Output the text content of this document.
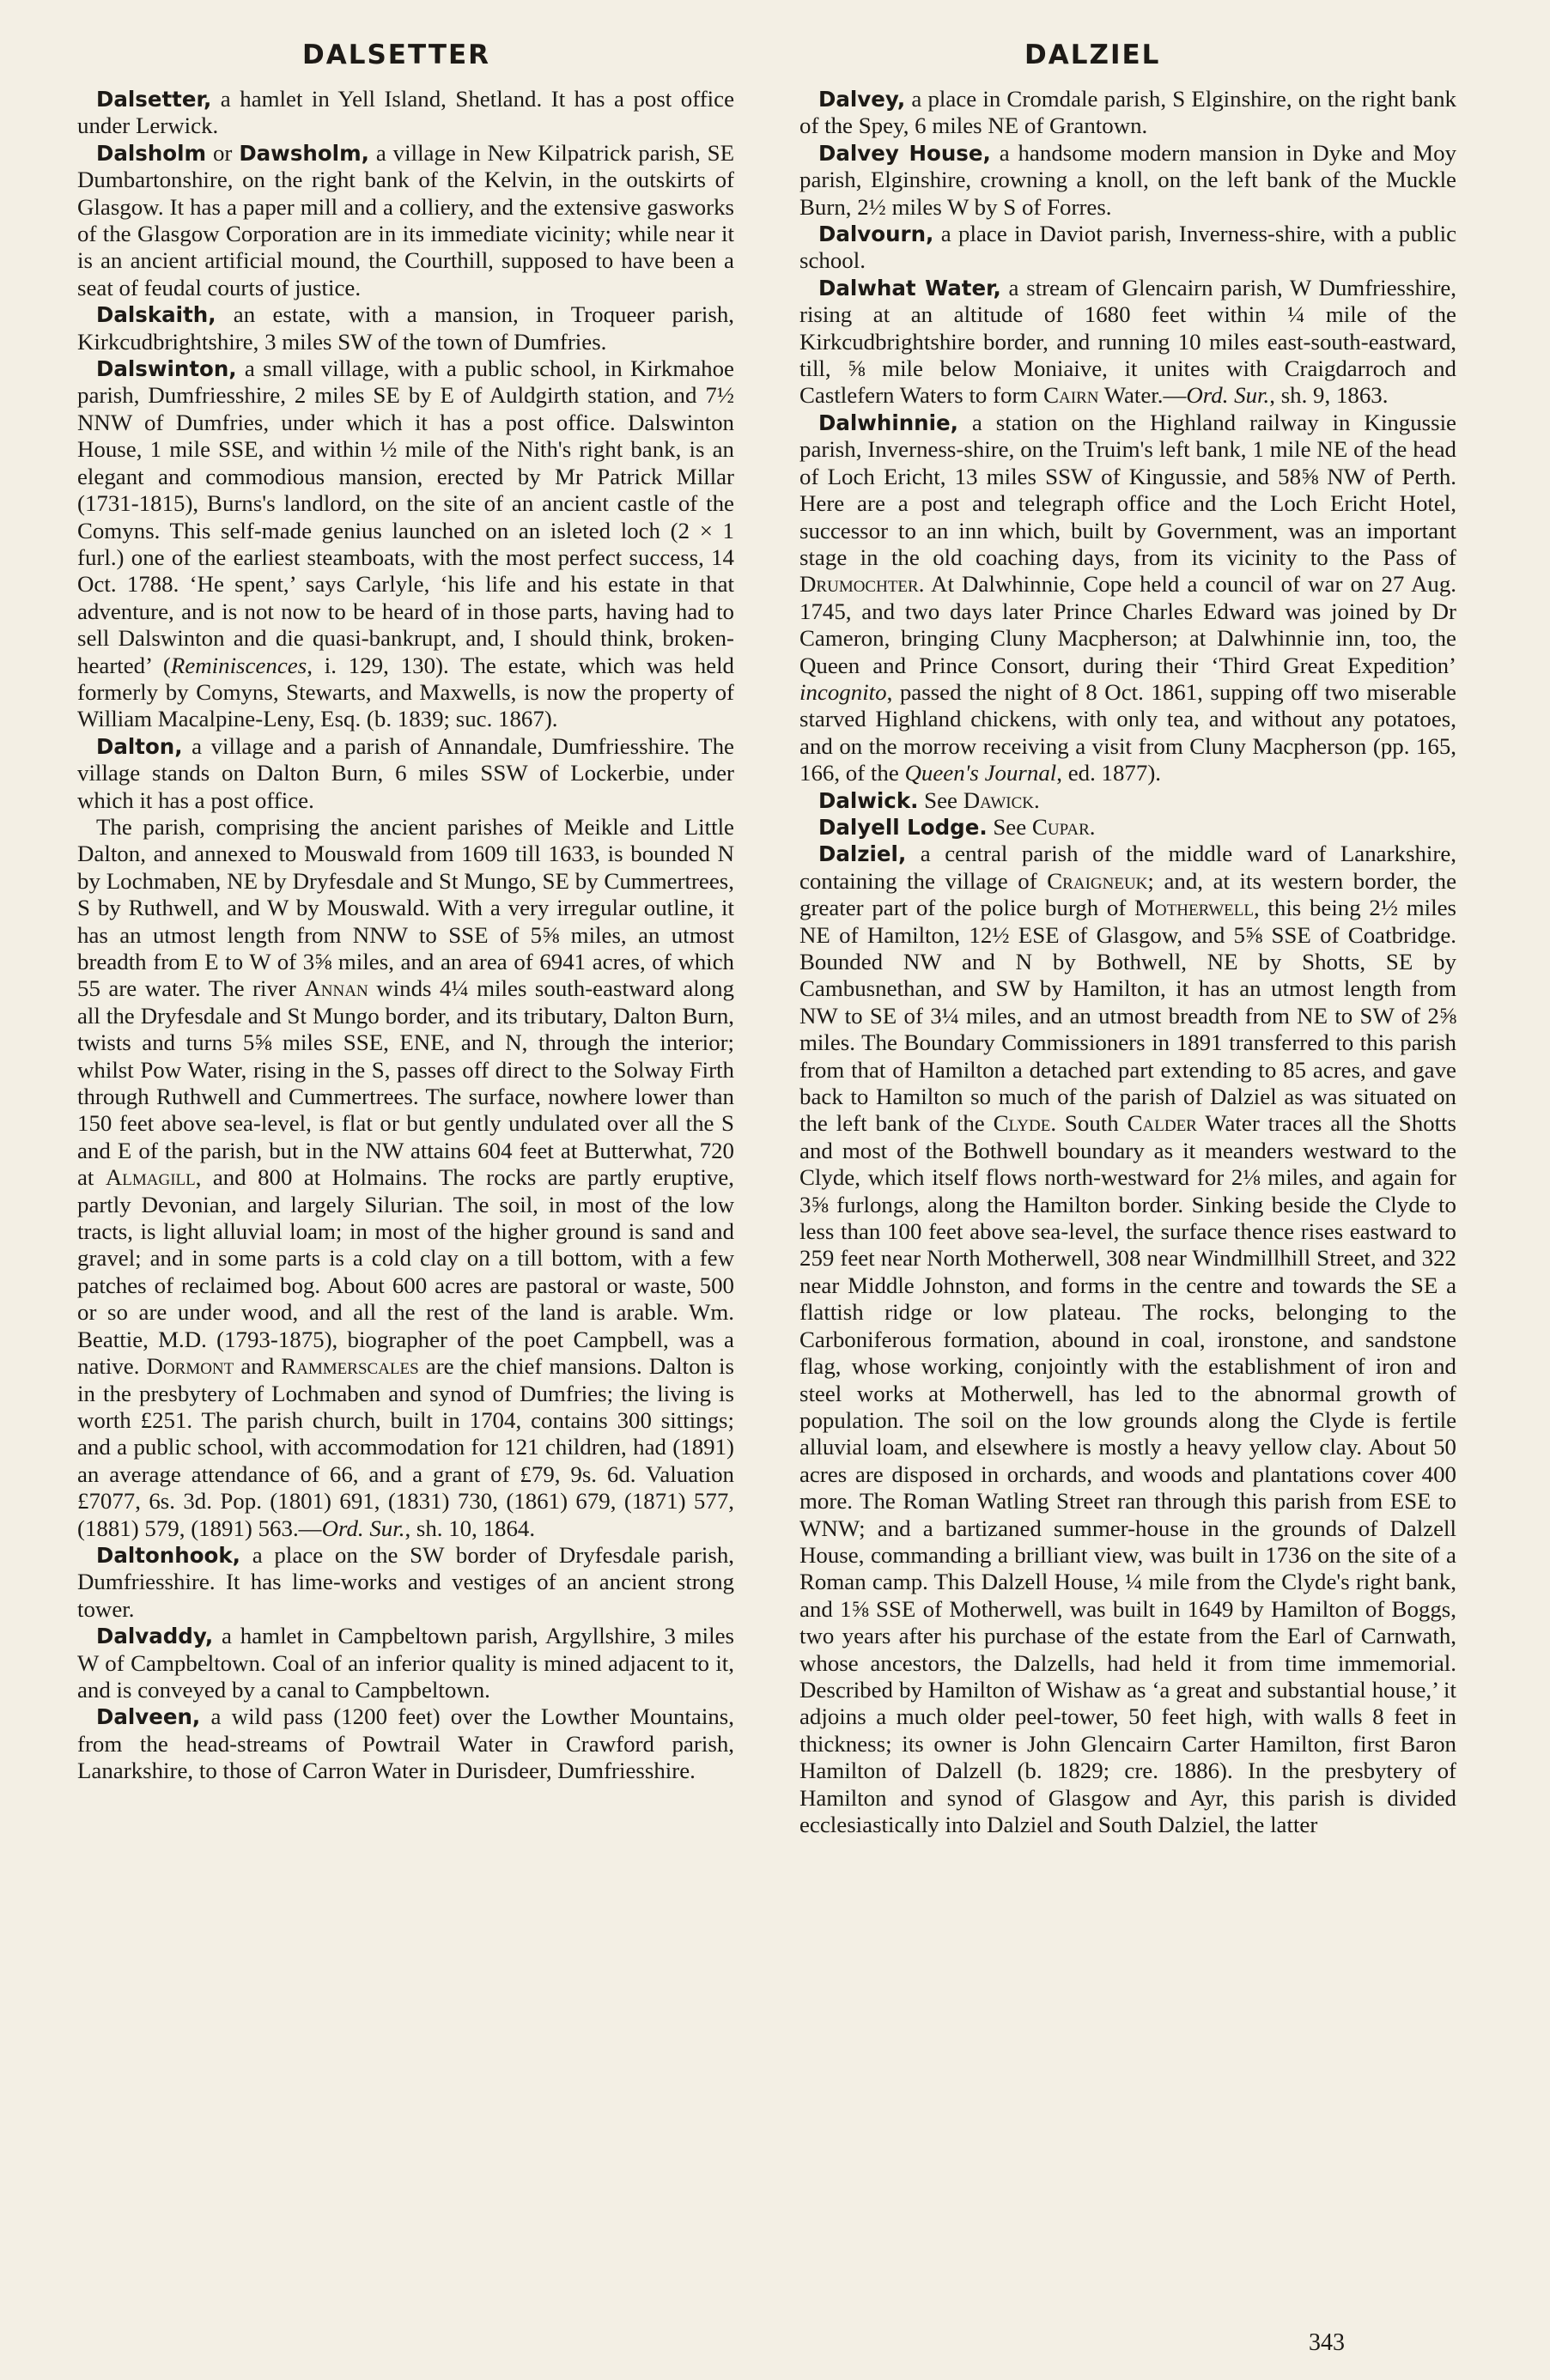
DALSETTER	DALZIEL

Dalsetter, a hamlet in Yell Island, Shetland. It has a post office under Lerwick.

Dalsholm or Dawsholm, a village in New Kilpatrick parish, SE Dumbartonshire, on the right bank of the Kelvin, in the outskirts of Glasgow. It has a paper mill and a colliery, and the extensive gasworks of the Glasgow Corporation are in its immediate vicinity; while near it is an ancient artificial mound, the Courthill, supposed to have been a seat of feudal courts of justice.

Dalskaith, an estate, with a mansion, in Troqueer parish, Kirkcudbrightshire, 3 miles SW of the town of Dumfries.

Dalswinton, a small village, with a public school, in Kirkmahoe parish, Dumfriesshire, 2 miles SE by E of Auldgirth station, and 7½ NNW of Dumfries, under which it has a post office. Dalswinton House, 1 mile SSE, and within ½ mile of the Nith's right bank, is an elegant and commodious mansion, erected by Mr Patrick Millar (1731-1815), Burns's landlord, on the site of an ancient castle of the Comyns. This self-made genius launched on an isleted loch (2 × 1 furl.) one of the earliest steamboats, with the most perfect success, 14 Oct. 1788. ‘He spent,’ says Carlyle, ‘his life and his estate in that adventure, and is not now to be heard of in those parts, having had to sell Dalswinton and die quasi-bankrupt, and, I should think, broken-hearted’ (Reminiscences, i. 129, 130). The estate, which was held formerly by Comyns, Stewarts, and Maxwells, is now the property of William Macalpine-Leny, Esq. (b. 1839; suc. 1867).

Dalton, a village and a parish of Annandale, Dumfriesshire. The village stands on Dalton Burn, 6 miles SSW of Lockerbie, under which it has a post office.

The parish, comprising the ancient parishes of Meikle and Little Dalton, and annexed to Mouswald from 1609 till 1633, is bounded N by Lochmaben, NE by Dryfesdale and St Mungo, SE by Cummertrees, S by Ruthwell, and W by Mouswald. With a very irregular outline, it has an utmost length from NNW to SSE of 5⅝ miles, an utmost breadth from E to W of 3⅝ miles, and an area of 6941 acres, of which 55 are water. The river Annan winds 4¼ miles south-eastward along all the Dryfesdale and St Mungo border, and its tributary, Dalton Burn, twists and turns 5⅝ miles SSE, ENE, and N, through the interior; whilst Pow Water, rising in the S, passes off direct to the Solway Firth through Ruthwell and Cummertrees. The surface, nowhere lower than 150 feet above sea-level, is flat or but gently undulated over all the S and E of the parish, but in the NW attains 604 feet at Butterwhat, 720 at Almagill, and 800 at Holmains. The rocks are partly eruptive, partly Devonian, and largely Silurian. The soil, in most of the low tracts, is light alluvial loam; in most of the higher ground is sand and gravel; and in some parts is a cold clay on a till bottom, with a few patches of reclaimed bog. About 600 acres are pastoral or waste, 500 or so are under wood, and all the rest of the land is arable. Wm. Beattie, M.D. (1793-1875), biographer of the poet Campbell, was a native. Dormont and Rammerscales are the chief mansions. Dalton is in the presbytery of Lochmaben and synod of Dumfries; the living is worth £251. The parish church, built in 1704, contains 300 sittings; and a public school, with accommodation for 121 children, had (1891) an average attendance of 66, and a grant of £79, 9s. 6d. Valuation £7077, 6s. 3d. Pop. (1801) 691, (1831) 730, (1861) 679, (1871) 577, (1881) 579, (1891) 563.—Ord. Sur., sh. 10, 1864.

Daltonhook, a place on the SW border of Dryfesdale parish, Dumfriesshire. It has lime-works and vestiges of an ancient strong tower.

Dalvaddy, a hamlet in Campbeltown parish, Argyllshire, 3 miles W of Campbeltown. Coal of an inferior quality is mined adjacent to it, and is conveyed by a canal to Campbeltown.

Dalveen, a wild pass (1200 feet) over the Lowther Mountains, from the head-streams of Powtrail Water in Crawford parish, Lanarkshire, to those of Carron Water in Durisdeer, Dumfriesshire.

Dalvey, a place in Cromdale parish, S Elginshire, on the right bank of the Spey, 6 miles NE of Grantown.

Dalvey House, a handsome modern mansion in Dyke and Moy parish, Elginshire, crowning a knoll, on the left bank of the Muckle Burn, 2½ miles W by S of Forres.

Dalvourn, a place in Daviot parish, Inverness-shire, with a public school.

Dalwhat Water, a stream of Glencairn parish, W Dumfriesshire, rising at an altitude of 1680 feet within ¼ mile of the Kirkcudbrightshire border, and running 10 miles east-south-eastward, till, ⅝ mile below Moniaive, it unites with Craigdarroch and Castlefern Waters to form Cairn Water.—Ord. Sur., sh. 9, 1863.

Dalwhinnie, a station on the Highland railway in Kingussie parish, Inverness-shire, on the Truim's left bank, 1 mile NE of the head of Loch Ericht, 13 miles SSW of Kingussie, and 58⅝ NW of Perth. Here are a post and telegraph office and the Loch Ericht Hotel, successor to an inn which, built by Government, was an important stage in the old coaching days, from its vicinity to the Pass of Drumochter. At Dalwhinnie, Cope held a council of war on 27 Aug. 1745, and two days later Prince Charles Edward was joined by Dr Cameron, bringing Cluny Macpherson; at Dalwhinnie inn, too, the Queen and Prince Consort, during their ‘Third Great Expedition’ incognito, passed the night of 8 Oct. 1861, supping off two miserable starved Highland chickens, with only tea, and without any potatoes, and on the morrow receiving a visit from Cluny Macpherson (pp. 165, 166, of the Queen's Journal, ed. 1877).

Dalwick. See Dawick.

Dalyell Lodge. See Cupar.

Dalziel, a central parish of the middle ward of Lanarkshire, containing the village of Craigneuk; and, at its western border, the greater part of the police burgh of Motherwell, this being 2½ miles NE of Hamilton, 12½ ESE of Glasgow, and 5⅝ SSE of Coatbridge. Bounded NW and N by Bothwell, NE by Shotts, SE by Cambusnethan, and SW by Hamilton, it has an utmost length from NW to SE of 3¼ miles, and an utmost breadth from NE to SW of 2⅝ miles. The Boundary Commissioners in 1891 transferred to this parish from that of Hamilton a detached part extending to 85 acres, and gave back to Hamilton so much of the parish of Dalziel as was situated on the left bank of the Clyde. South Calder Water traces all the Shotts and most of the Bothwell boundary as it meanders westward to the Clyde, which itself flows north-westward for 2⅛ miles, and again for 3⅝ furlongs, along the Hamilton border. Sinking beside the Clyde to less than 100 feet above sea-level, the surface thence rises eastward to 259 feet near North Motherwell, 308 near Windmillhill Street, and 322 near Middle Johnston, and forms in the centre and towards the SE a flattish ridge or low plateau. The rocks, belonging to the Carboniferous formation, abound in coal, ironstone, and sandstone flag, whose working, conjointly with the establishment of iron and steel works at Motherwell, has led to the abnormal growth of population. The soil on the low grounds along the Clyde is fertile alluvial loam, and elsewhere is mostly a heavy yellow clay. About 50 acres are disposed in orchards, and woods and plantations cover 400 more. The Roman Watling Street ran through this parish from ESE to WNW; and a bartizaned summer-house in the grounds of Dalzell House, commanding a brilliant view, was built in 1736 on the site of a Roman camp. This Dalzell House, ¼ mile from the Clyde's right bank, and 1⅝ SSE of Motherwell, was built in 1649 by Hamilton of Boggs, two years after his purchase of the estate from the Earl of Carnwath, whose ancestors, the Dalzells, had held it from time immemorial. Described by Hamilton of Wishaw as ‘a great and substantial house,’ it adjoins a much older peel-tower, 50 feet high, with walls 8 feet in thickness; its owner is John Glencairn Carter Hamilton, first Baron Hamilton of Dalzell (b. 1829; cre. 1886). In the presbytery of Hamilton and synod of Glasgow and Ayr, this parish is divided ecclesiastically into Dalziel and South Dalziel, the latter

343
